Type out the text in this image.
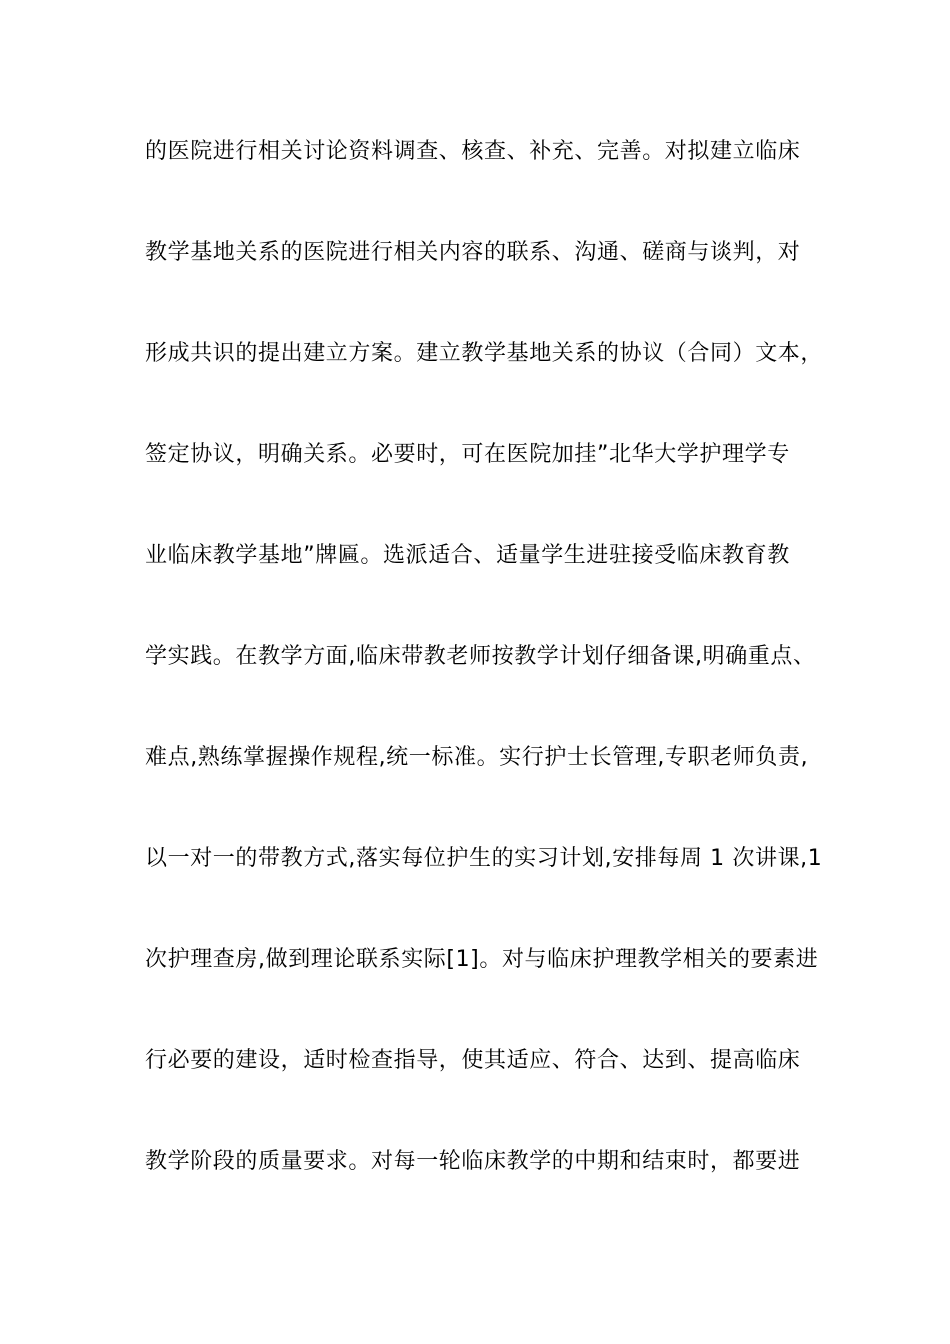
的医院进行相关讨论资料调查、核查、补充、完善。对拟建立临床
教学基地关系的医院进行相关内容的联系、沟通、磋商与谈判，对
形成共识的提出建立方案。建立教学基地关系的协议（合同）文本，
签定协议，明确关系。必要时，可在医院加挂”北华大学护理学专
业临床教学基地”牌匾。选派适合、适量学生进驻接受临床教育教
学实践。在教学方面,临床带教老师按教学计划仔细备课,明确重点、
难点,熟练掌握操作规程,统一标准。实行护士长管理,专职老师负责,
以一对一的带教方式,落实每位护生的实习计划,安排每周 1 次讲课,1
次护理查房,做到理论联系实际[1]。对与临床护理教学相关的要素进
行必要的建设，适时检查指导，使其适应、符合、达到、提高临床
教学阶段的质量要求。对每一轮临床教学的中期和结束时，都要进
